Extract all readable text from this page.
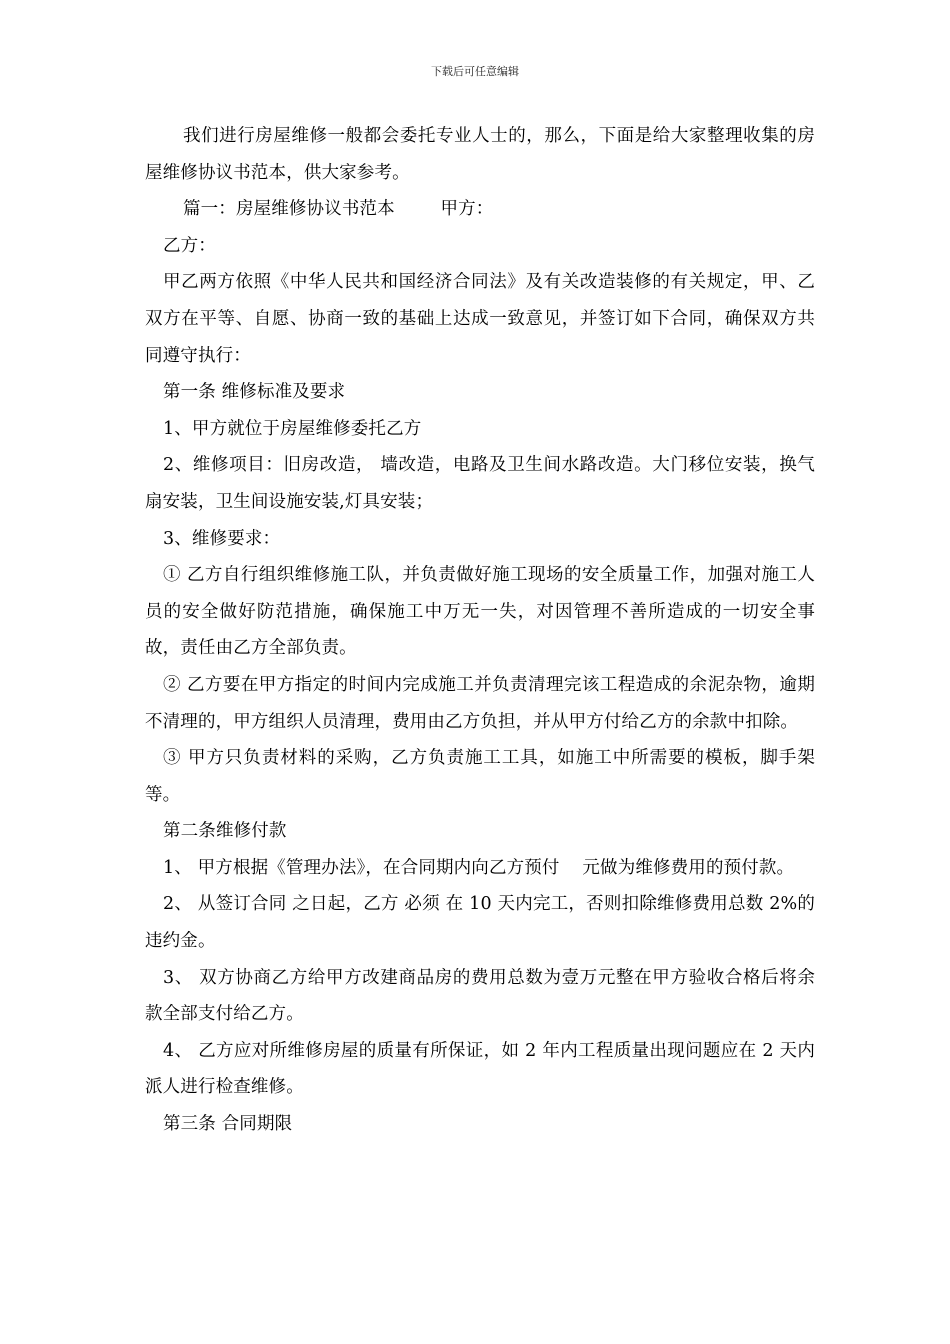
下载后可任意编辑

我们进行房屋维修一般都会委托专业人士的，那么，下面是给大家整理收集的房屋维修协议书范本，供大家参考。

篇一：房屋维修协议书范本        甲方：

乙方：

甲乙两方依照《中华人民共和国经济合同法》及有关改造装修的有关规定，甲、乙双方在平等、自愿、协商一致的基础上达成一致意见，并签订如下合同，确保双方共同遵守执行：

第一条 维修标准及要求

1、甲方就位于房屋维修委托乙方

2、维修项目：旧房改造， 墙改造，电路及卫生间水路改造。大门移位安装，换气扇安装，卫生间设施安装,灯具安装；

3、维修要求：

① 乙方自行组织维修施工队，并负责做好施工现场的安全质量工作，加强对施工人员的安全做好防范措施，确保施工中万无一失，对因管理不善所造成的一切安全事故，责任由乙方全部负责。

② 乙方要在甲方指定的时间内完成施工并负责清理完该工程造成的余泥杂物，逾期不清理的，甲方组织人员清理，费用由乙方负担，并从甲方付给乙方的余款中扣除。

③ 甲方只负责材料的采购，乙方负责施工工具，如施工中所需要的模板，脚手架等。

第二条维修付款

1、 甲方根据《管理办法》，在合同期内向乙方预付    元做为维修费用的预付款。

2、 从签订合同 之日起，乙方 必须 在 10 天内完工，否则扣除维修费用总数 2%的 违约金。

3、 双方协商乙方给甲方改建商品房的费用总数为壹万元整在甲方验收合格后将余款全部支付给乙方。

4、 乙方应对所维修房屋的质量有所保证，如 2 年内工程质量出现问题应在 2 天内派人进行检查维修。

第三条 合同期限
